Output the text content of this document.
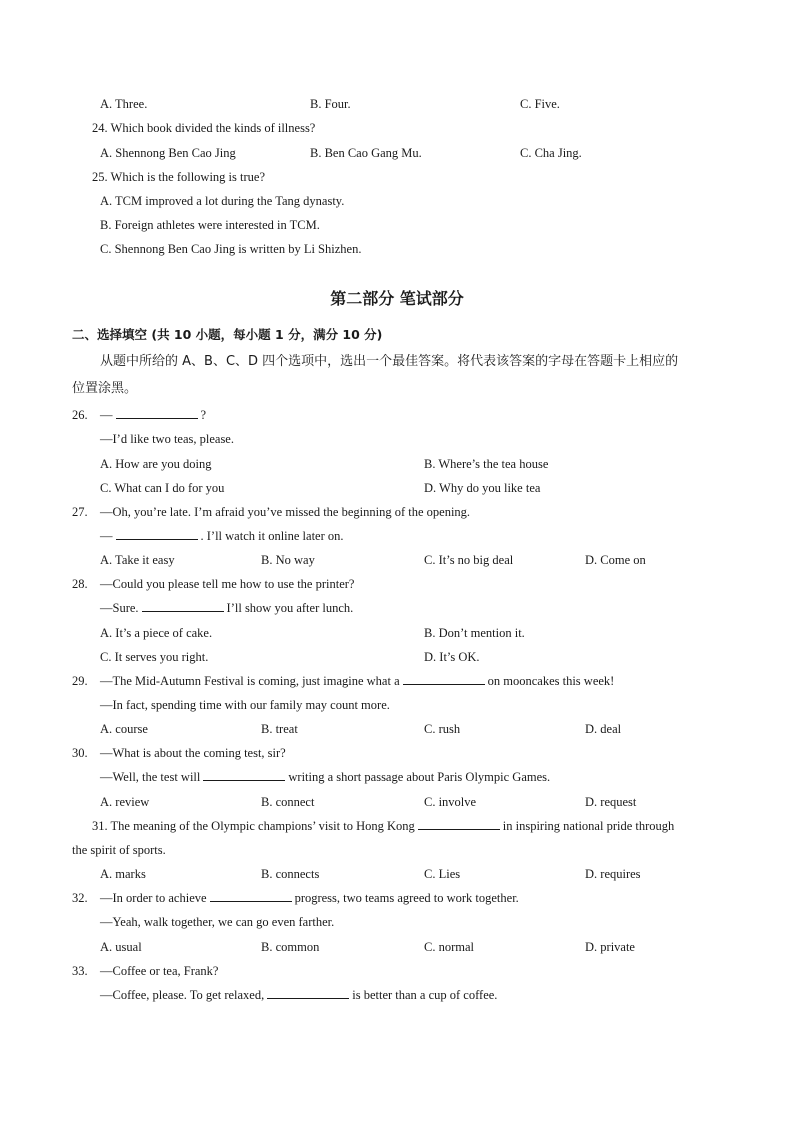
A. Three.	B. Four.	C. Five.
24. Which book divided the kinds of illness?
A. Shennong Ben Cao Jing	B. Ben Cao Gang Mu.	C. Cha Jing.
25. Which is the following is true?
A. TCM improved a lot during the Tang dynasty.
B. Foreign athletes were interested in TCM.
C. Shennong Ben Cao Jing is written by Li Shizhen.
第二部分 笔试部分
二、选择填空 (共 10 小题，每小题 1 分，满分 10 分)
从题中所给的 A、B、C、D 四个选项中，选出一个最佳答案。将代表该答案的字母在答题卡上相应的
位置涂黑。
26. —	?
—I’d like two teas, please.
A. How are you doing	B. Where’s the tea house
C. What can I do for you	D. Why do you like tea
27. —Oh, you’re late. I’m afraid you’ve missed the beginning of the opening.
—	. I’ll watch it online later on.
A. Take it easy	B. No way	C. It’s no big deal	D. Come on
28. —Could you please tell me how to use the printer?
—Sure.	I’ll show you after lunch.
A. It’s a piece of cake.	B. Don’t mention it.
C. It serves you right.	D. It’s OK.
29. —The Mid-Autumn Festival is coming, just imagine what a	on mooncakes this week!
—In fact, spending time with our family may count more.
A. course	B. treat	C. rush	D. deal
30. —What is about the coming test, sir?
—Well, the test will	writing a short passage about Paris Olympic Games.
A. review	B. connect	C. involve	D. request
31. The meaning of the Olympic champions’ visit to Hong Kong	in inspiring national pride through
the spirit of sports.
A. marks	B. connects	C. Lies	D. requires
32. —In order to achieve	progress, two teams agreed to work together.
—Yeah, walk together, we can go even farther.
A. usual	B. common	C. normal	D. private
33. —Coffee or tea, Frank?
—Coffee, please. To get relaxed,	is better than a cup of coffee.
